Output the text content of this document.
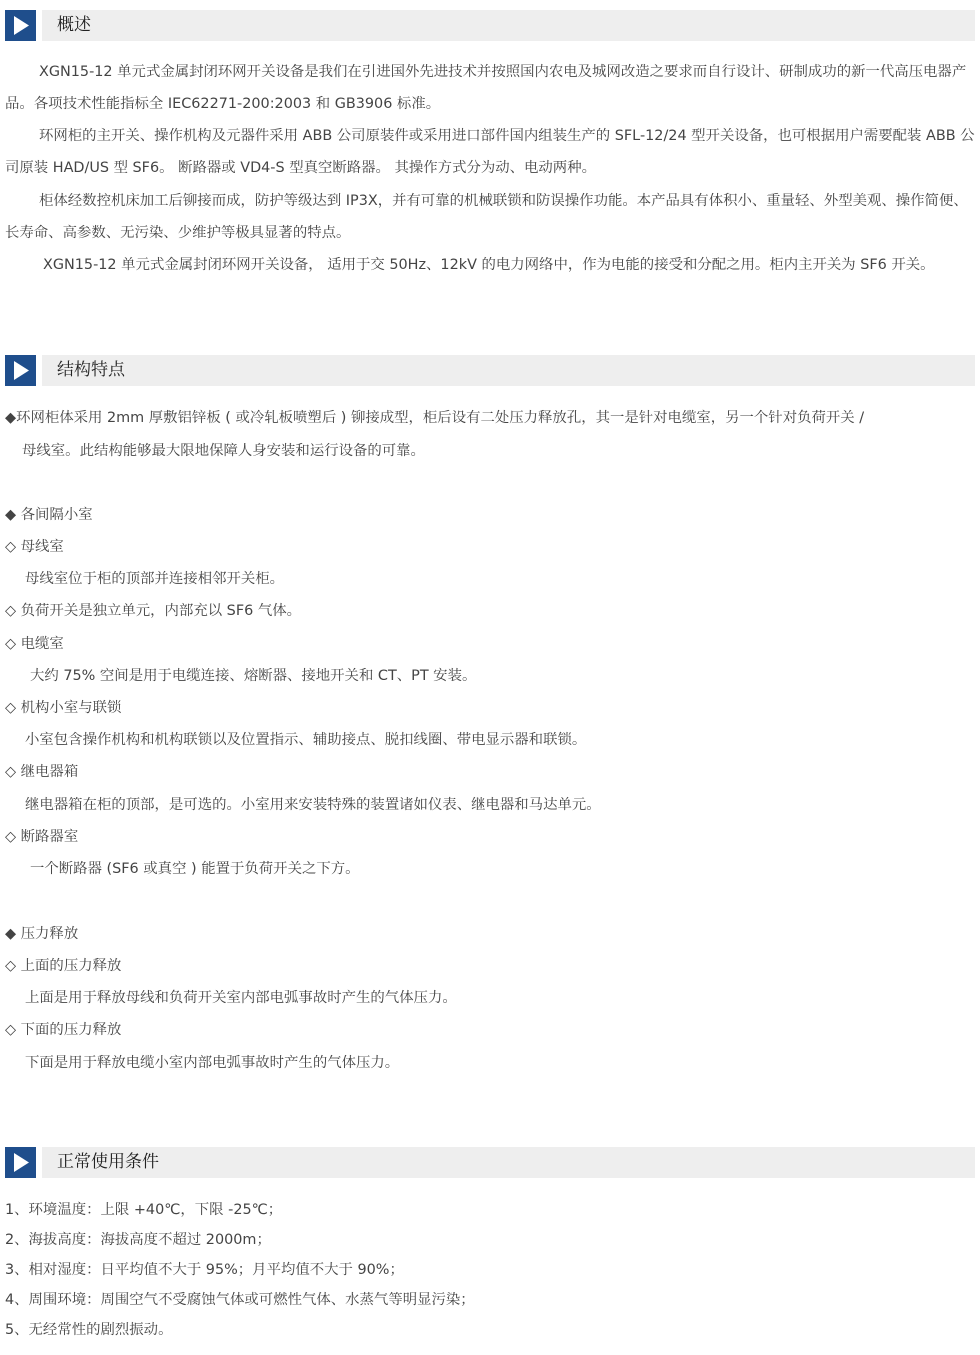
概述

XGN15-12 单元式金属封闭环网开关设备是我们在引进国外先进技术并按照国内农电及城网改造之要求而自行设计、研制成功的新一代高压电器产品。各项技术性能指标全 IEC62271-200:2003 和 GB3906 标准。

环网柜的主开关、操作机构及元器件采用 ABB 公司原装件或采用进口部件国内组装生产的 SFL-12/24 型开关设备，也可根据用户需要配装 ABB 公司原装 HAD/US 型 SF6。 断路器或 VD4-S 型真空断路器。 其操作方式分为动、电动两种。

柜体经数控机床加工后铆接而成，防护等级达到 IP3X，并有可靠的机械联锁和防误操作功能。本产品具有体积小、重量轻、外型美观、操作简便、长寿命、高参数、无污染、少维护等极具显著的特点。

XGN15-12 单元式金属封闭环网开关设备， 适用于交 50Hz、12kV 的电力网络中，作为电能的接受和分配之用。柜内主开关为 SF6 开关。

结构特点

◆环网柜体采用 2mm 厚敷铝锌板 ( 或冷轧板喷塑后 ) 铆接成型，柜后设有二处压力释放孔，其一是针对电缆室，另一个针对负荷开关 /

母线室。此结构能够最大限地保障人身安装和运行设备的可靠。

◆ 各间隔小室

◇ 母线室

母线室位于柜的顶部并连接相邻开关柜。

◇ 负荷开关是独立单元，内部充以 SF6 气体。

◇ 电缆室

大约 75% 空间是用于电缆连接、熔断器、接地开关和 CT、PT 安装。

◇ 机构小室与联锁

小室包含操作机构和机构联锁以及位置指示、辅助接点、脱扣线圈、带电显示器和联锁。

◇ 继电器箱

继电器箱在柜的顶部，是可选的。小室用来安装特殊的装置诸如仪表、继电器和马达单元。

◇ 断路器室

一个断路器 (SF6 或真空 ) 能置于负荷开关之下方。

◆ 压力释放

◇ 上面的压力释放

上面是用于释放母线和负荷开关室内部电弧事故时产生的气体压力。

◇ 下面的压力释放

下面是用于释放电缆小室内部电弧事故时产生的气体压力。

正常使用条件

1、环境温度：上限 +40℃，下限 -25℃；

2、海拔高度：海拔高度不超过 2000m；

3、相对湿度：日平均值不大于 95%；月平均值不大于 90%；

4、周围环境：周围空气不受腐蚀气体或可燃性气体、水蒸气等明显污染；

5、无经常性的剧烈振动。
